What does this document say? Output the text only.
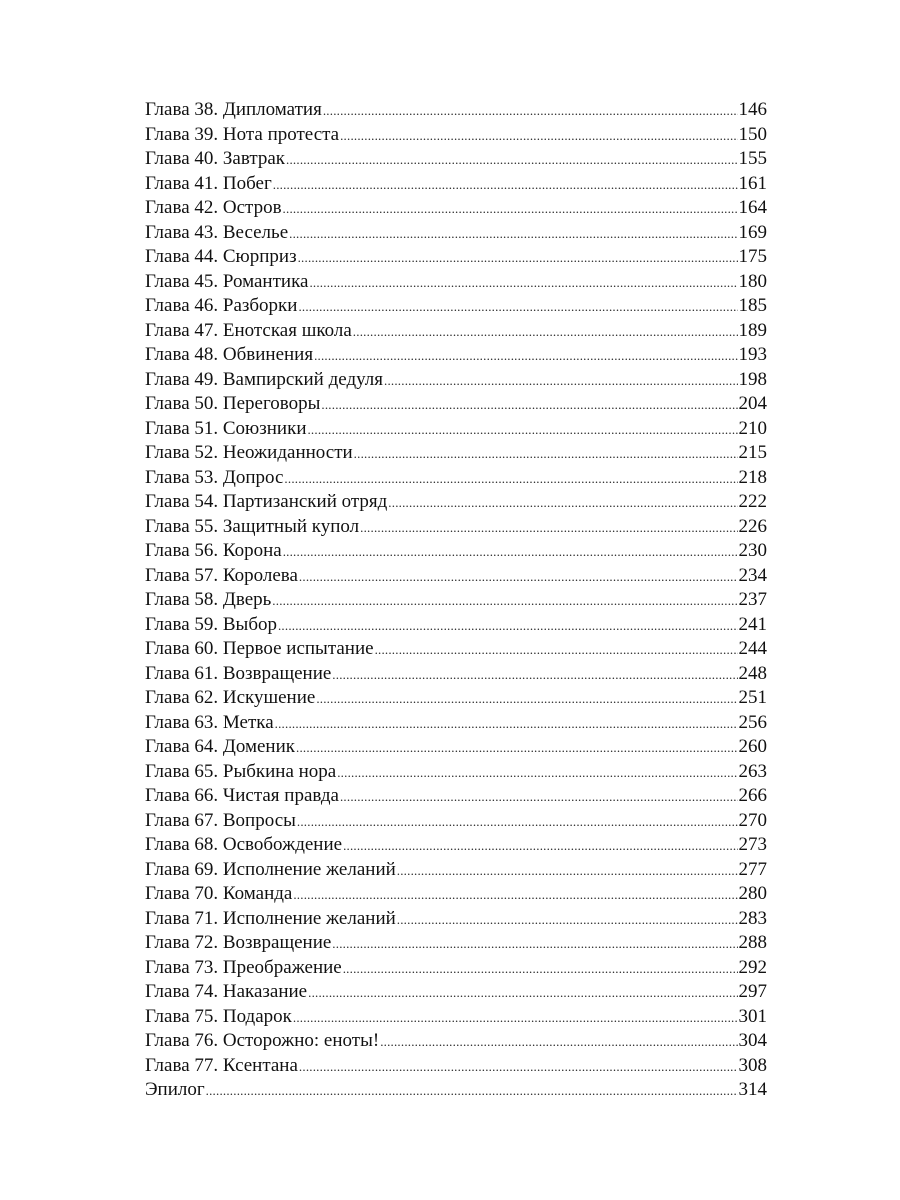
Глава 38. Дипломатия .....	146
Глава 39. Нота протеста .....	150
Глава 40. Завтрак .....	155
Глава 41. Побег .....	161
Глава 42. Остров .....	164
Глава 43. Веселье .....	169
Глава 44. Сюрприз .....	175
Глава 45. Романтика .....	180
Глава 46. Разборки .....	185
Глава 47. Енотская школа .....	189
Глава 48. Обвинения .....	193
Глава 49. Вампирский дедуля .....	198
Глава 50. Переговоры .....	204
Глава 51. Союзники .....	210
Глава 52. Неожиданности .....	215
Глава 53. Допрос .....	218
Глава 54. Партизанский отряд .....	222
Глава 55. Защитный купол .....	226
Глава 56. Корона .....	230
Глава 57. Королева .....	234
Глава 58. Дверь .....	237
Глава 59. Выбор .....	241
Глава 60. Первое испытание .....	244
Глава 61. Возвращение .....	248
Глава 62. Искушение .....	251
Глава 63. Метка .....	256
Глава 64. Доменик .....	260
Глава 65. Рыбкина нора .....	263
Глава 66. Чистая правда .....	266
Глава 67. Вопросы .....	270
Глава 68. Освобождение .....	273
Глава 69. Исполнение желаний .....	277
Глава 70. Команда .....	280
Глава 71. Исполнение желаний .....	283
Глава 72. Возвращение .....	288
Глава 73. Преображение .....	292
Глава 74. Наказание .....	297
Глава 75. Подарок .....	301
Глава 76. Осторожно: еноты! .....	304
Глава 77. Ксентана .....	308
Эпилог .....	314
